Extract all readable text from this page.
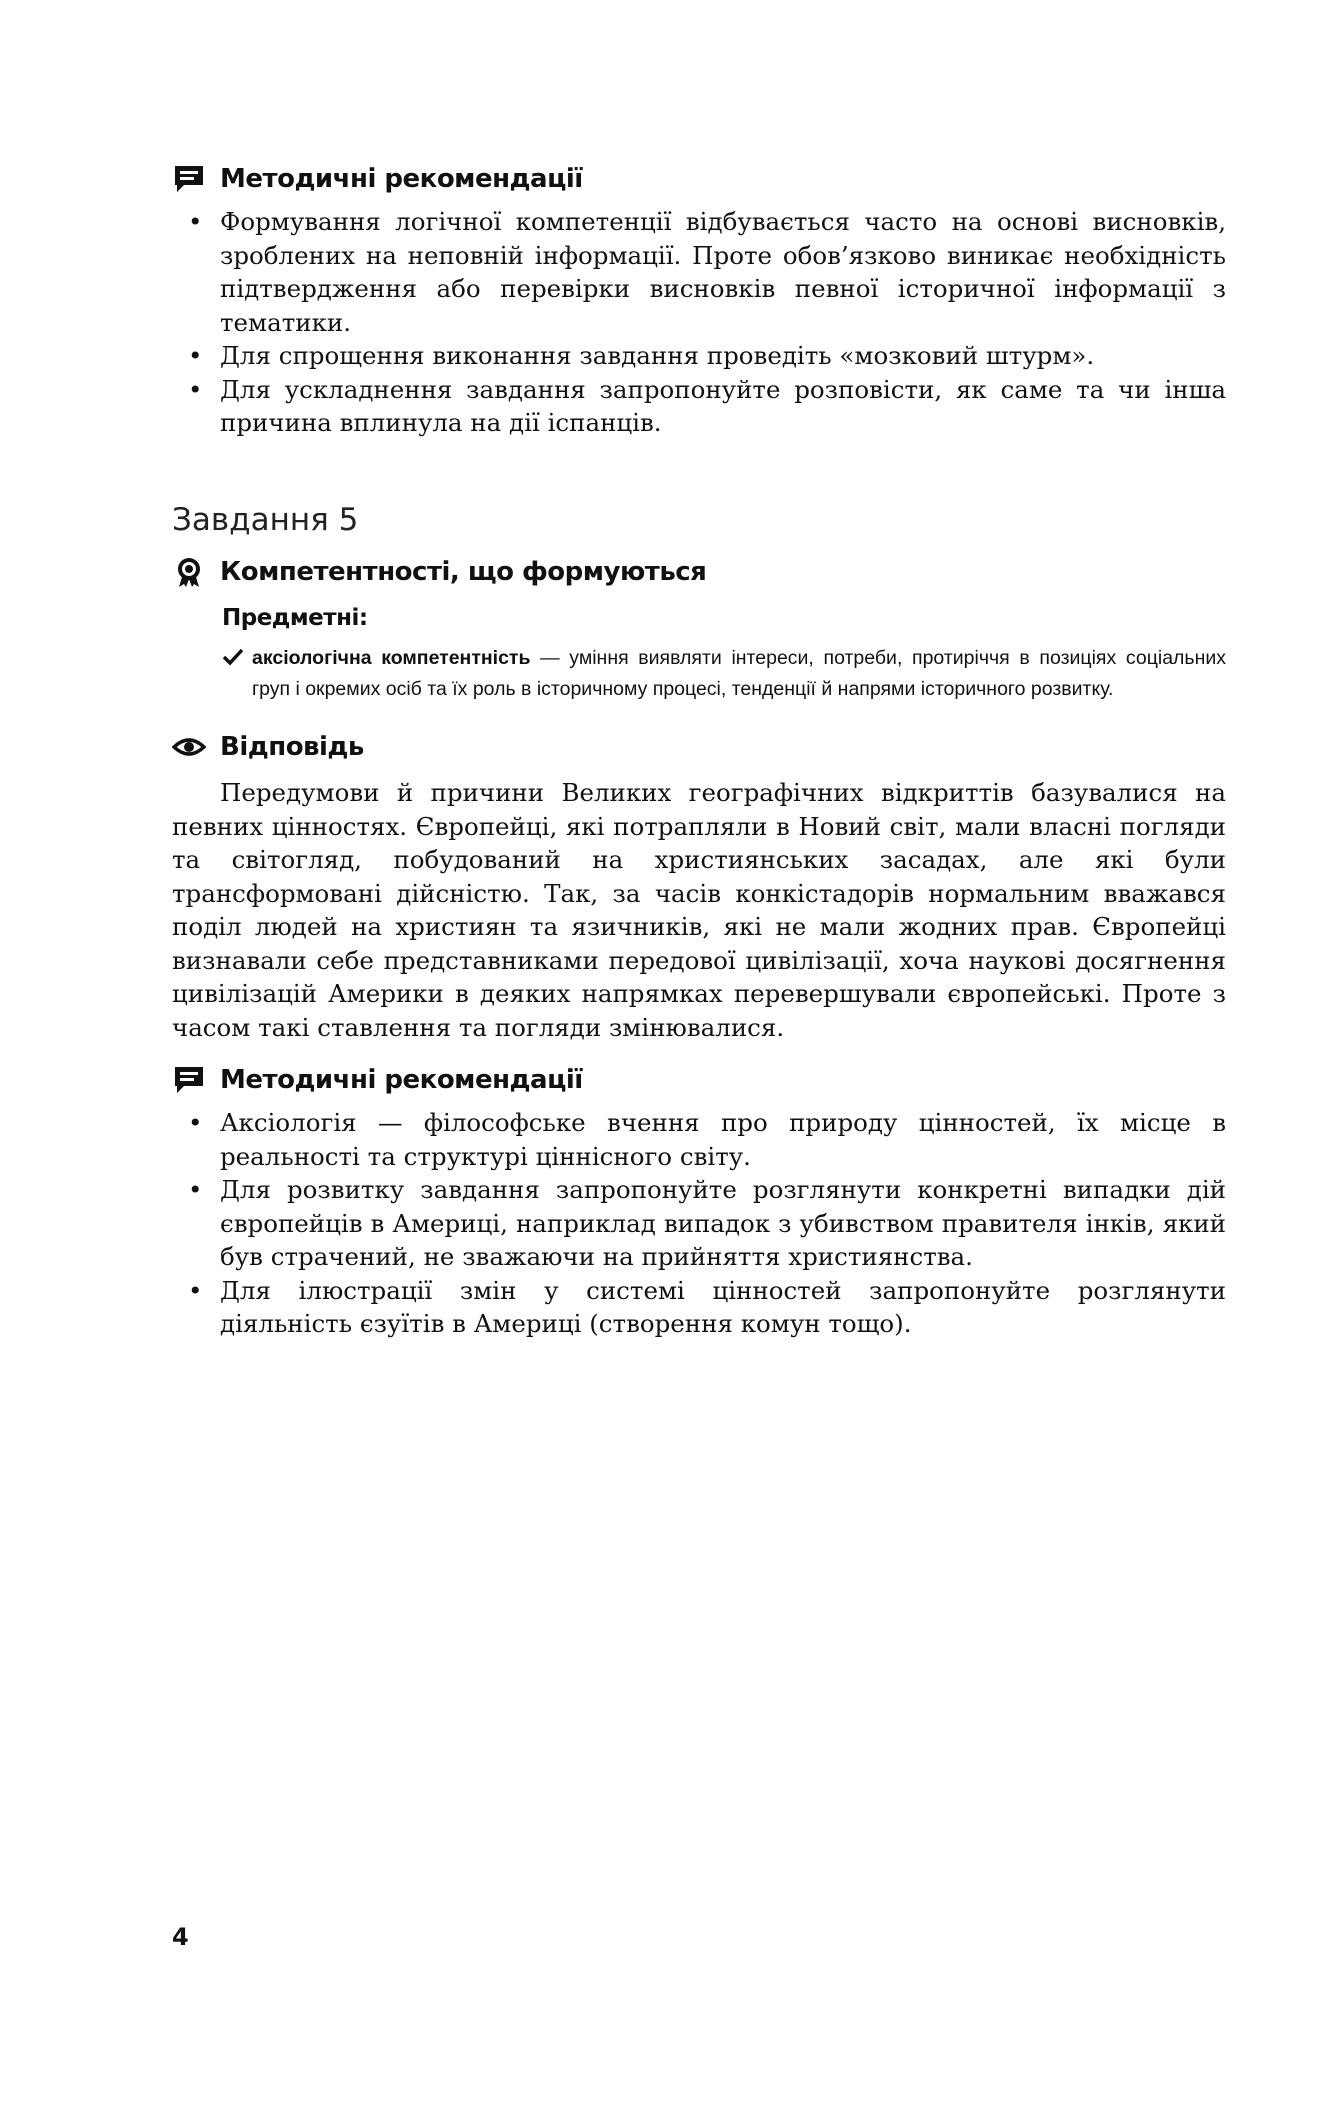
Методичні рекомендації
• Формування логічної компетенції відбувається часто на основі висновків, зроблених на неповній інформації. Проте обов’язково виникає необхідність підтвердження або перевірки висновків певної історичної інформації з тематики.
• Для спрощення виконання завдання проведіть «мозковий штурм».
• Для ускладнення завдання запропонуйте розповісти, як саме та чи інша причина вплинула на дії іспанців.
Завдання 5
Компетентності, що формуються
Предметні:
аксіологічна компетентність — уміння виявляти інтереси, потреби, протиріччя в позиціях соціальних груп і окремих осіб та їх роль в історичному процесі, тенденції й напрями історичного розвитку.
Відповідь
Передумови й причини Великих географічних відкриттів базувалися на певних цінностях. Європейці, які потрапляли в Новий світ, мали власні погляди та світогляд, побудований на християнських засадах, але які були трансформовані дійсністю. Так, за часів конкістадорів нормальним вважався поділ людей на християн та язичників, які не мали жодних прав. Європейці визнавали себе представниками передової цивілізації, хоча наукові досягнення цивілізацій Америки в деяких напрямках перевершували європейські. Проте з часом такі ставлення та погляди змінювалися.
Методичні рекомендації
• Аксіологія — філософське вчення про природу цінностей, їх місце в реальності та структурі ціннісного світу.
• Для розвитку завдання запропонуйте розглянути конкретні випадки дій європейців в Америці, наприклад випадок з убивством правителя інків, який був страчений, не зважаючи на прийняття християнства.
• Для ілюстрації змін у системі цінностей запропонуйте розглянути діяльність єзуїтів в Америці (створення комун тощо).
4
